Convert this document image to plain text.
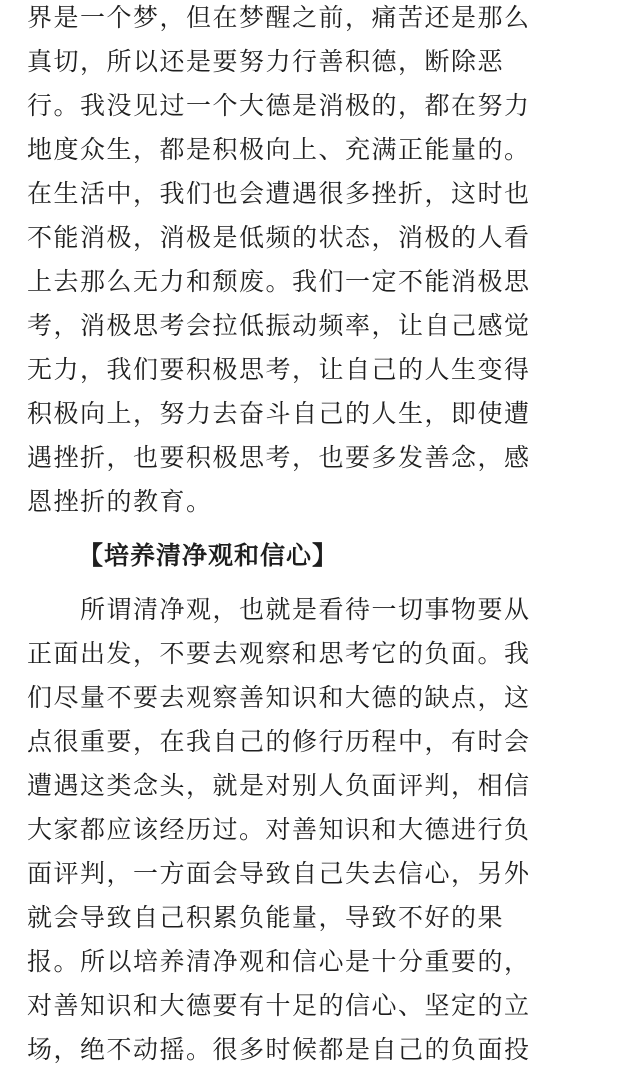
界是一个梦，但在梦醒之前，痛苦还是那么
真切，所以还是要努力行善积德，断除恶
行。我没见过一个大德是消极的，都在努力
地度众生，都是积极向上、充满正能量的。
在生活中，我们也会遭遇很多挫折，这时也
不能消极，消极是低频的状态，消极的人看
上去那么无力和颓废。我们一定不能消极思
考，消极思考会拉低振动频率，让自己感觉
无力，我们要积极思考，让自己的人生变得
积极向上，努力去奋斗自己的人生，即使遭
遇挫折，也要积极思考，也要多发善念，感
恩挫折的教育。
【培养清净观和信心】
所谓清净观，也就是看待一切事物要从
正面出发，不要去观察和思考它的负面。我
们尽量不要去观察善知识和大德的缺点，这
点很重要，在我自己的修行历程中，有时会
遭遇这类念头，就是对别人负面评判，相信
大家都应该经历过。对善知识和大德进行负
面评判，一方面会导致自己失去信心，另外
就会导致自己积累负能量，导致不好的果
报。所以培养清净观和信心是十分重要的，
对善知识和大德要有十足的信心、坚定的立
场，绝不动摇。很多时候都是自己的负面投
